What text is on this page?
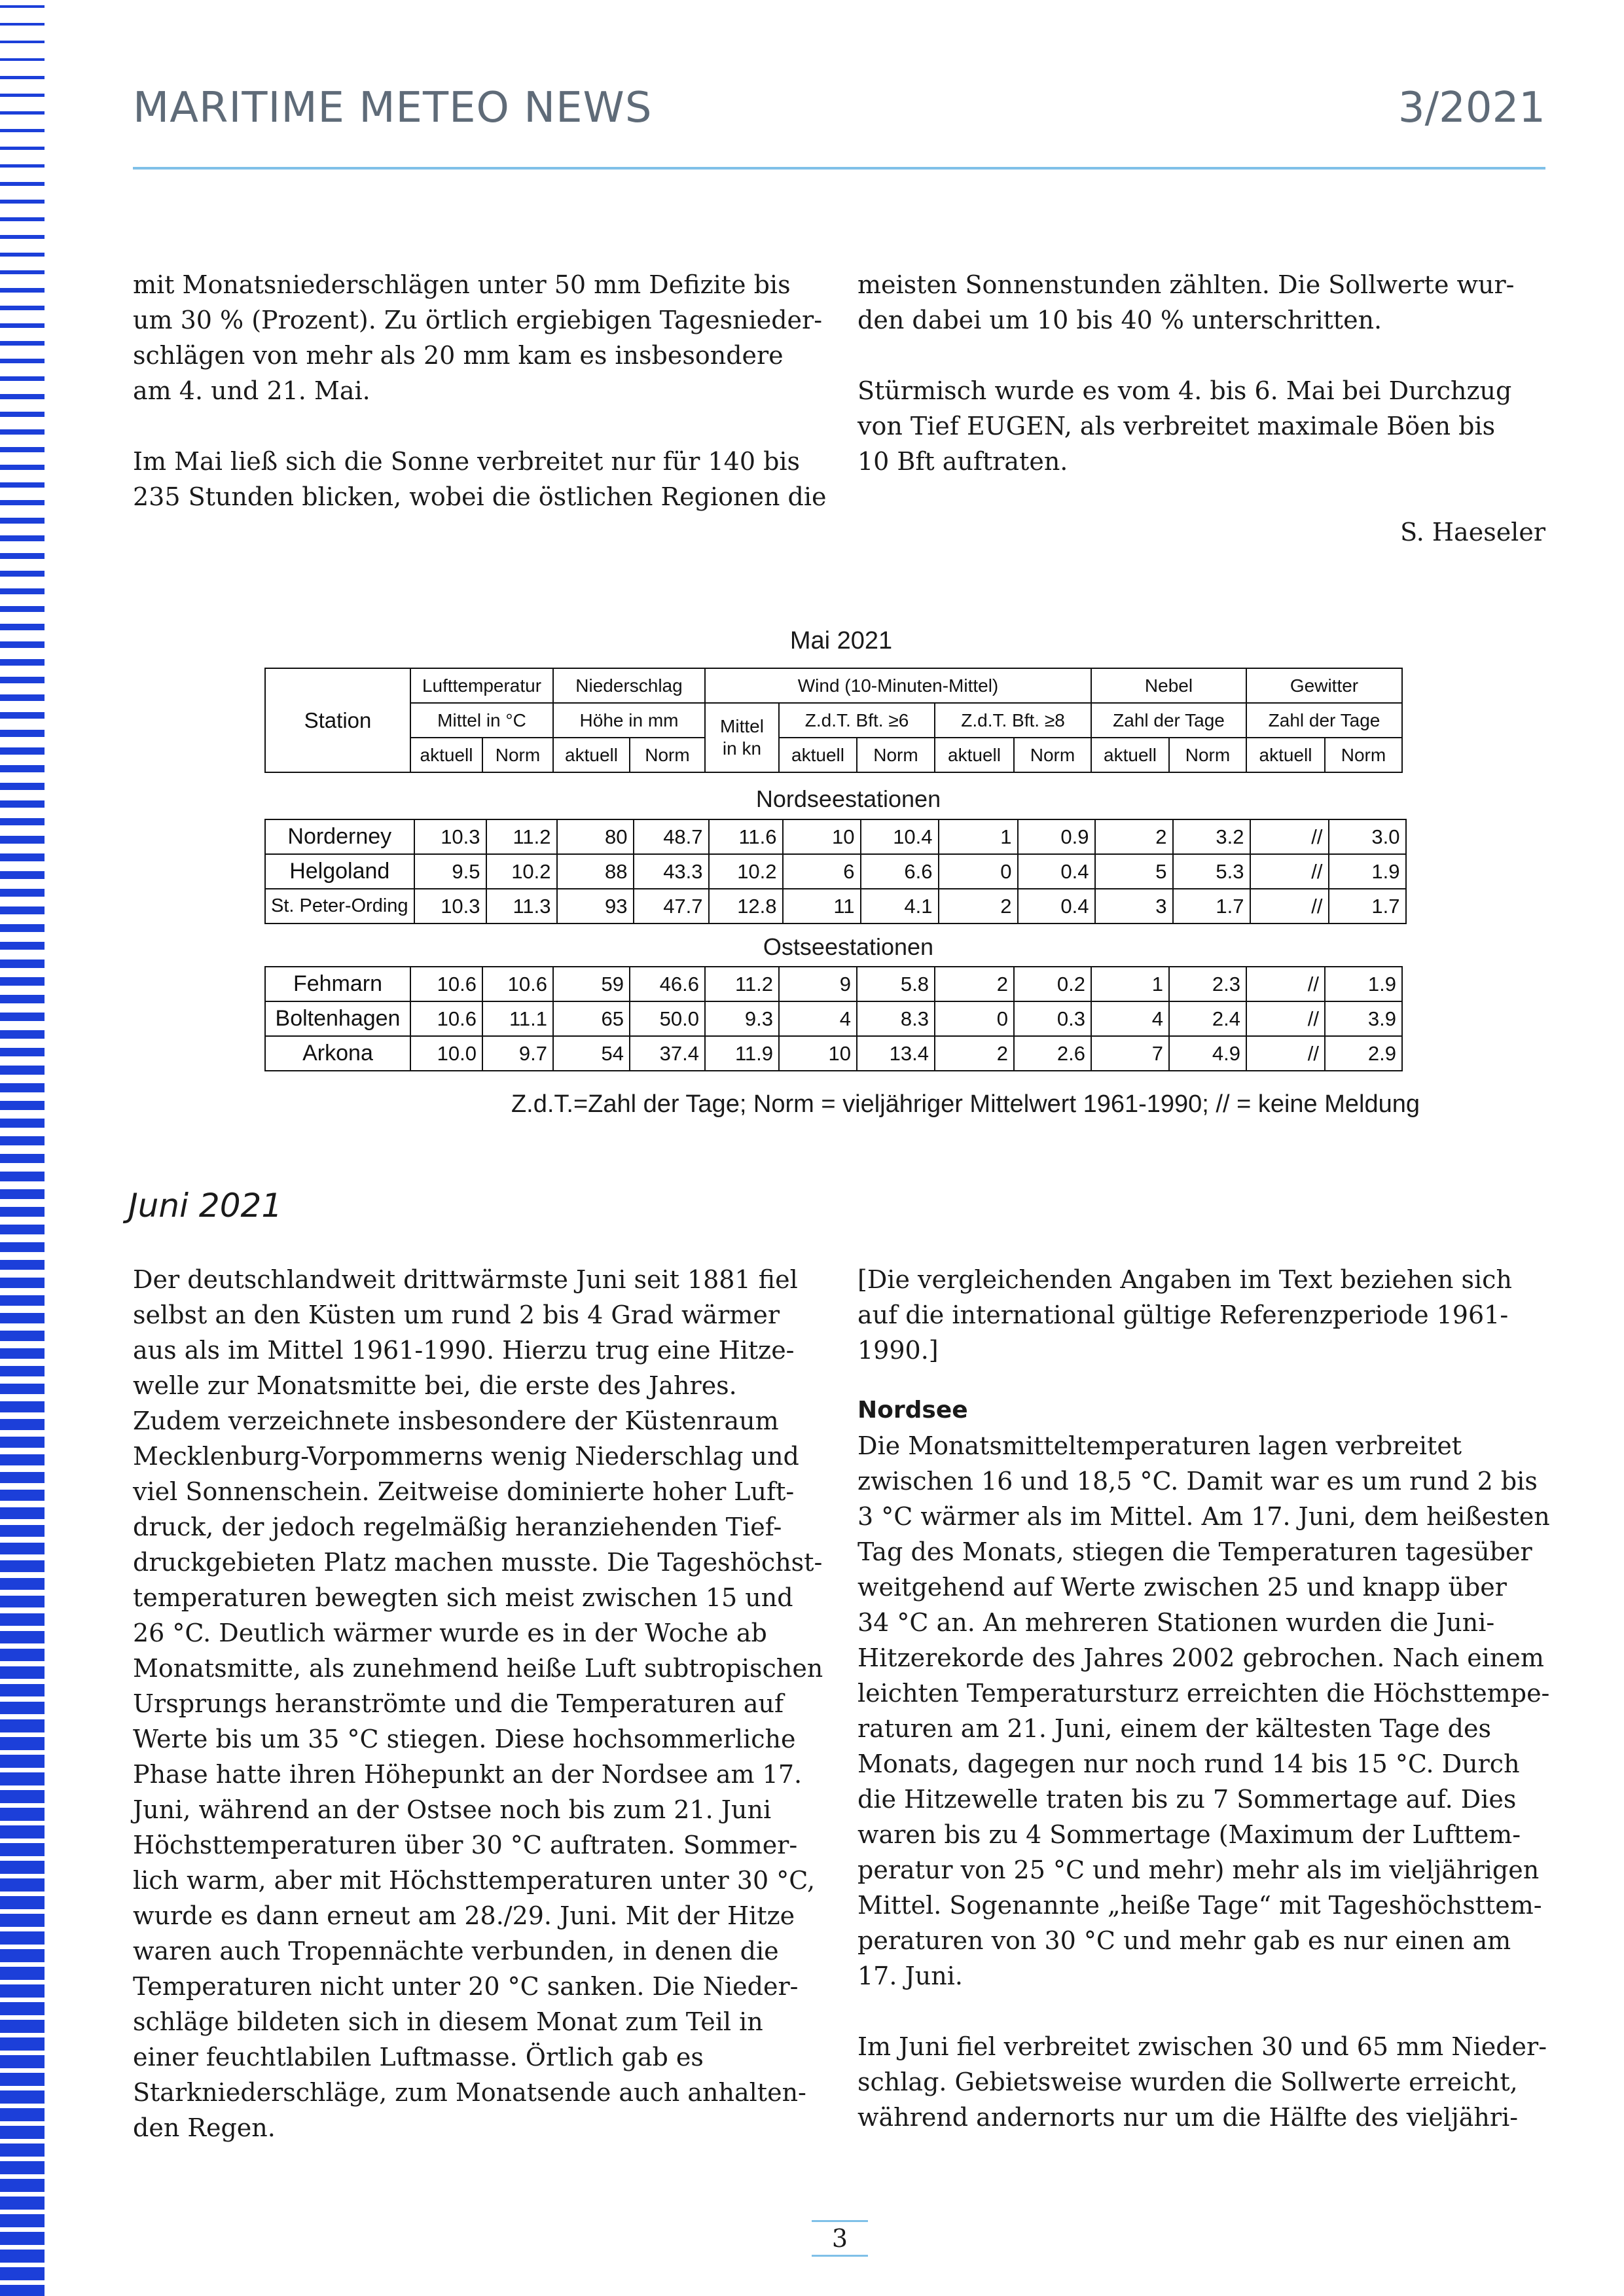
MARITIME METEO NEWS	3/2021

mit Monatsniederschlägen unter 50 mm Defizite bis

um 30 % (Prozent). Zu örtlich ergiebigen Tagesnieder-

schlägen von mehr als 20 mm kam es insbesondere

am 4. und 21. Mai.

Im Mai ließ sich die Sonne verbreitet nur für 140 bis

235 Stunden blicken, wobei die östlichen Regionen die

meisten Sonnenstunden zählten. Die Sollwerte wur-

den dabei um 10 bis 40 % unterschritten.

Stürmisch wurde es vom 4. bis 6. Mai bei Durchzug

von Tief EUGEN, als verbreitet maximale Böen bis

10 Bft auftraten.

S. Haeseler
Mai 2021
Station	Lufttemperatur		Niederschlag		Wind (10-Minuten-Mittel)					Nebel		Gewitter	
	Mittel in °C		Höhe in mm		Mittel in kn	Z.d.T. Bft. ≥6		Z.d.T. Bft. ≥8		Zahl der Tage		Zahl der Tage	
	aktuell	Norm	aktuell	Norm		aktuell	Norm	aktuell	Norm	aktuell	Norm	aktuell	Norm
Nordseestationen
Norderney	10.3	11.2	80	48.7	11.6	10	10.4	1	0.9	2	3.2	//	3.0
Helgoland	9.5	10.2	88	43.3	10.2	6	6.6	0	0.4	5	5.3	//	1.9
St. Peter-Ording	10.3	11.3	93	47.7	12.8	11	4.1	2	0.4	3	1.7	//	1.7
Ostseestationen
Fehmarn	10.6	10.6	59	46.6	11.2	9	5.8	2	0.2	1	2.3	//	1.9
Boltenhagen	10.6	11.1	65	50.0	9.3	4	8.3	0	0.3	4	2.4	//	3.9
Arkona	10.0	9.7	54	37.4	11.9	10	13.4	2	2.6	7	4.9	//	2.9
Z.d.T.=Zahl der Tage; Norm = vieljähriger Mittelwert 1961-1990; // = keine Meldung
Juni 2021

Der deutschlandweit drittwärmste Juni seit 1881 fiel

selbst an den Küsten um rund 2 bis 4 Grad wärmer

aus als im Mittel 1961-1990. Hierzu trug eine Hitze-

welle zur Monatsmitte bei, die erste des Jahres.

Zudem verzeichnete insbesondere der Küstenraum

Mecklenburg-Vorpommerns wenig Niederschlag und

viel Sonnenschein. Zeitweise dominierte hoher Luft-

druck, der jedoch regelmäßig heranziehenden Tief-

druckgebieten Platz machen musste. Die Tageshöchst-

temperaturen bewegten sich meist zwischen 15 und

26 °C. Deutlich wärmer wurde es in der Woche ab

Monatsmitte, als zunehmend heiße Luft subtropischen

Ursprungs heranströmte und die Temperaturen auf

Werte bis um 35 °C stiegen. Diese hochsommerliche

Phase hatte ihren Höhepunkt an der Nordsee am 17.

Juni, während an der Ostsee noch bis zum 21. Juni

Höchsttemperaturen über 30 °C auftraten. Sommer-

lich warm, aber mit Höchsttemperaturen unter 30 °C,

wurde es dann erneut am 28./29. Juni. Mit der Hitze

waren auch Tropennächte verbunden, in denen die

Temperaturen nicht unter 20 °C sanken. Die Nieder-

schläge bildeten sich in diesem Monat zum Teil in

einer feuchtlabilen Luftmasse. Örtlich gab es

Starkniederschläge, zum Monatsende auch anhalten-

den Regen.

[Die vergleichenden Angaben im Text beziehen sich

auf die international gültige Referenzperiode 1961-

1990.]

Nordsee

Die Monatsmitteltemperaturen lagen verbreitet

zwischen 16 und 18,5 °C. Damit war es um rund 2 bis

3 °C wärmer als im Mittel. Am 17. Juni, dem heißesten

Tag des Monats, stiegen die Temperaturen tagesüber

weitgehend auf Werte zwischen 25 und knapp über

34 °C an. An mehreren Stationen wurden die Juni-

Hitzerekorde des Jahres 2002 gebrochen. Nach einem

leichten Temperatursturz erreichten die Höchsttempe-

raturen am 21. Juni, einem der kältesten Tage des

Monats, dagegen nur noch rund 14 bis 15 °C. Durch

die Hitzewelle traten bis zu 7 Sommertage auf. Dies

waren bis zu 4 Sommertage (Maximum der Lufttem-

peratur von 25 °C und mehr) mehr als im vieljährigen

Mittel. Sogenannte „heiße Tage“ mit Tageshöchsttem-

peraturen von 30 °C und mehr gab es nur einen am

17. Juni.

Im Juni fiel verbreitet zwischen 30 und 65 mm Nieder-

schlag. Gebietsweise wurden die Sollwerte erreicht,

während andernorts nur um die Hälfte des vieljähri-

3
